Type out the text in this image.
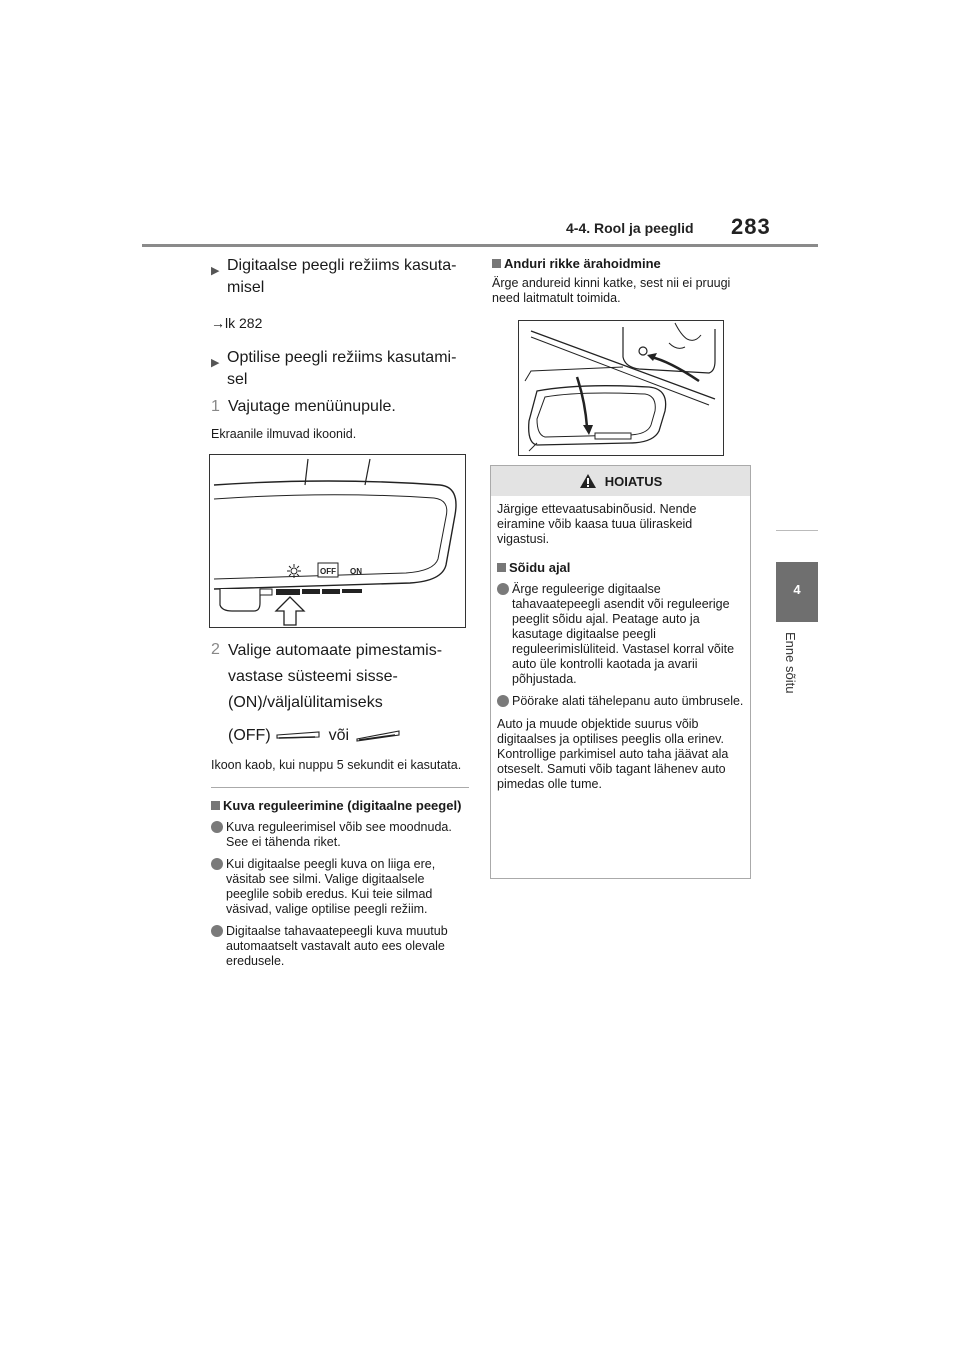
4-4. Rool ja peeglid 283
4
Enne sõitu
▶ Digitaalse peegli režiims kasutamisel
→lk 282
▶ Optilise peegli režiims kasutamisel
1 Vajutage menüünupule.
Ekraanile ilmuvad ikoonid.
OFF ON
2 Valige automaate pimestamisvastase süsteemi sisse- (ON)/väljalülitamiseks
(OFF)	või
Ikoon kaob, kui nuppu 5 sekundit ei kasutata.
Kuva reguleerimine (digitaalne peegel)
Kuva reguleerimisel võib see moodnuda. See ei tähenda riket.
Kui digitaalse peegli kuva on liiga ere, väsitab see silmi. Valige digitaalsele peeglile sobib eredus. Kui teie silmad väsivad, valige optilise peegli režiim.
Digitaalse tahavaatepeegli kuva muutub automaatselt vastavalt auto ees olevale eredusele.
Anduri rikke ärahoidmine
Ärge andureid kinni katke, sest nii ei pruugi need laitmatult toimida.
HOIATUS
Järgige ettevaatusabinõusid. Nende eiramine võib kaasa tuua üliraskeid vigastusi.
Sõidu ajal
Ärge reguleerige digitaalse tahavaatepeegli asendit või reguleerige peeglit sõidu ajal. Peatage auto ja kasutage digitaalse peegli reguleerimislüliteid. Vastasel korral võite auto üle kontrolli kaotada ja avarii põhjustada.
Pöörake alati tähelepanu auto ümbrusele.
Auto ja muude objektide suurus võib digitaalses ja optilises peeglis olla erinev. Kontrollige parkimisel auto taha jäävat ala otseselt. Samuti võib tagant lähenev auto pimedas olle tume.
